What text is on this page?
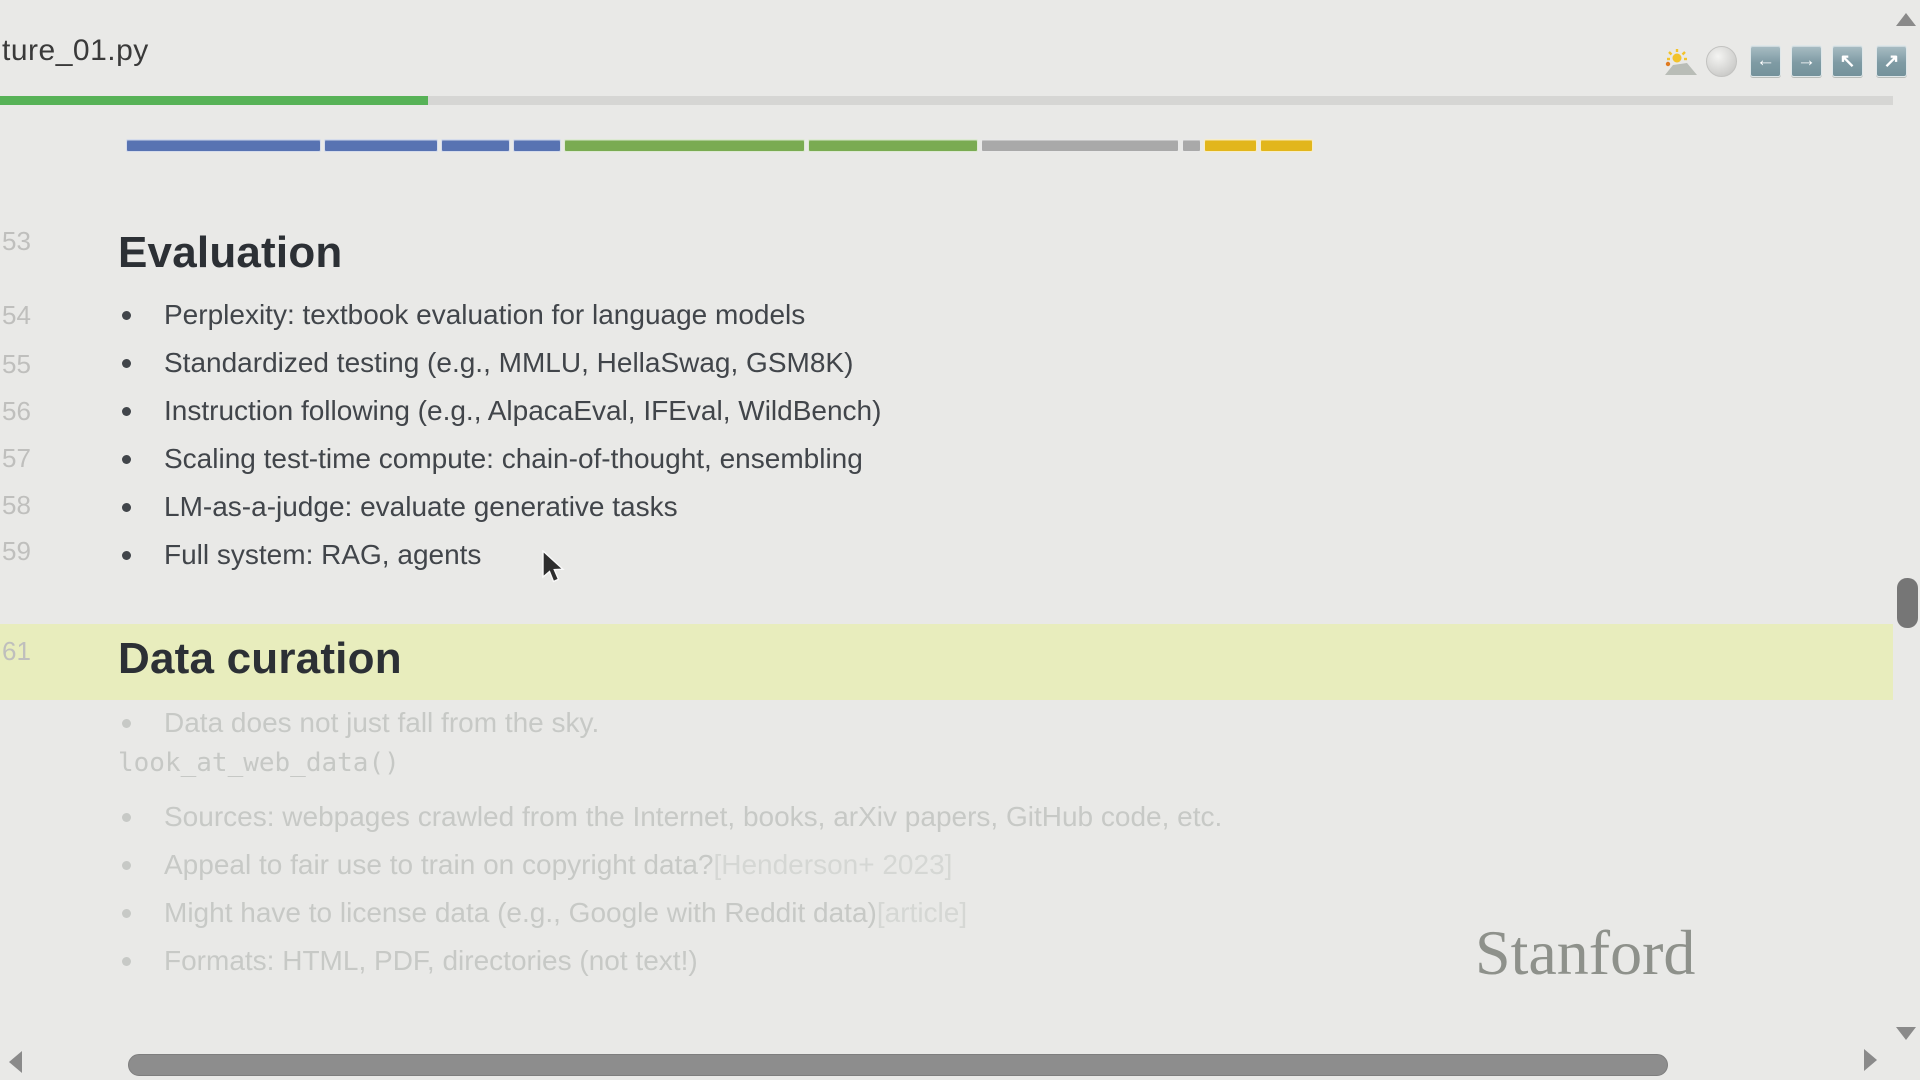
ture_01.py	←	→	↖	↗
53
54
55
56
57
58
59
61
Evaluation
Perplexity: textbook evaluation for language models
Standardized testing (e.g., MMLU, HellaSwag, GSM8K)
Instruction following (e.g., AlpacaEval, IFEval, WildBench)
Scaling test-time compute: chain-of-thought, ensembling
LM-as-a-judge: evaluate generative tasks
Full system: RAG, agents
Data curation
Data does not just fall from the sky.
look_at_web_data()
Sources: webpages crawled from the Internet, books, arXiv papers, GitHub code, etc.
Appeal to fair use to train on copyright data? [Henderson+ 2023]
Might have to license data (e.g., Google with Reddit data) [article]
Formats: HTML, PDF, directories (not text!)	Stanford
